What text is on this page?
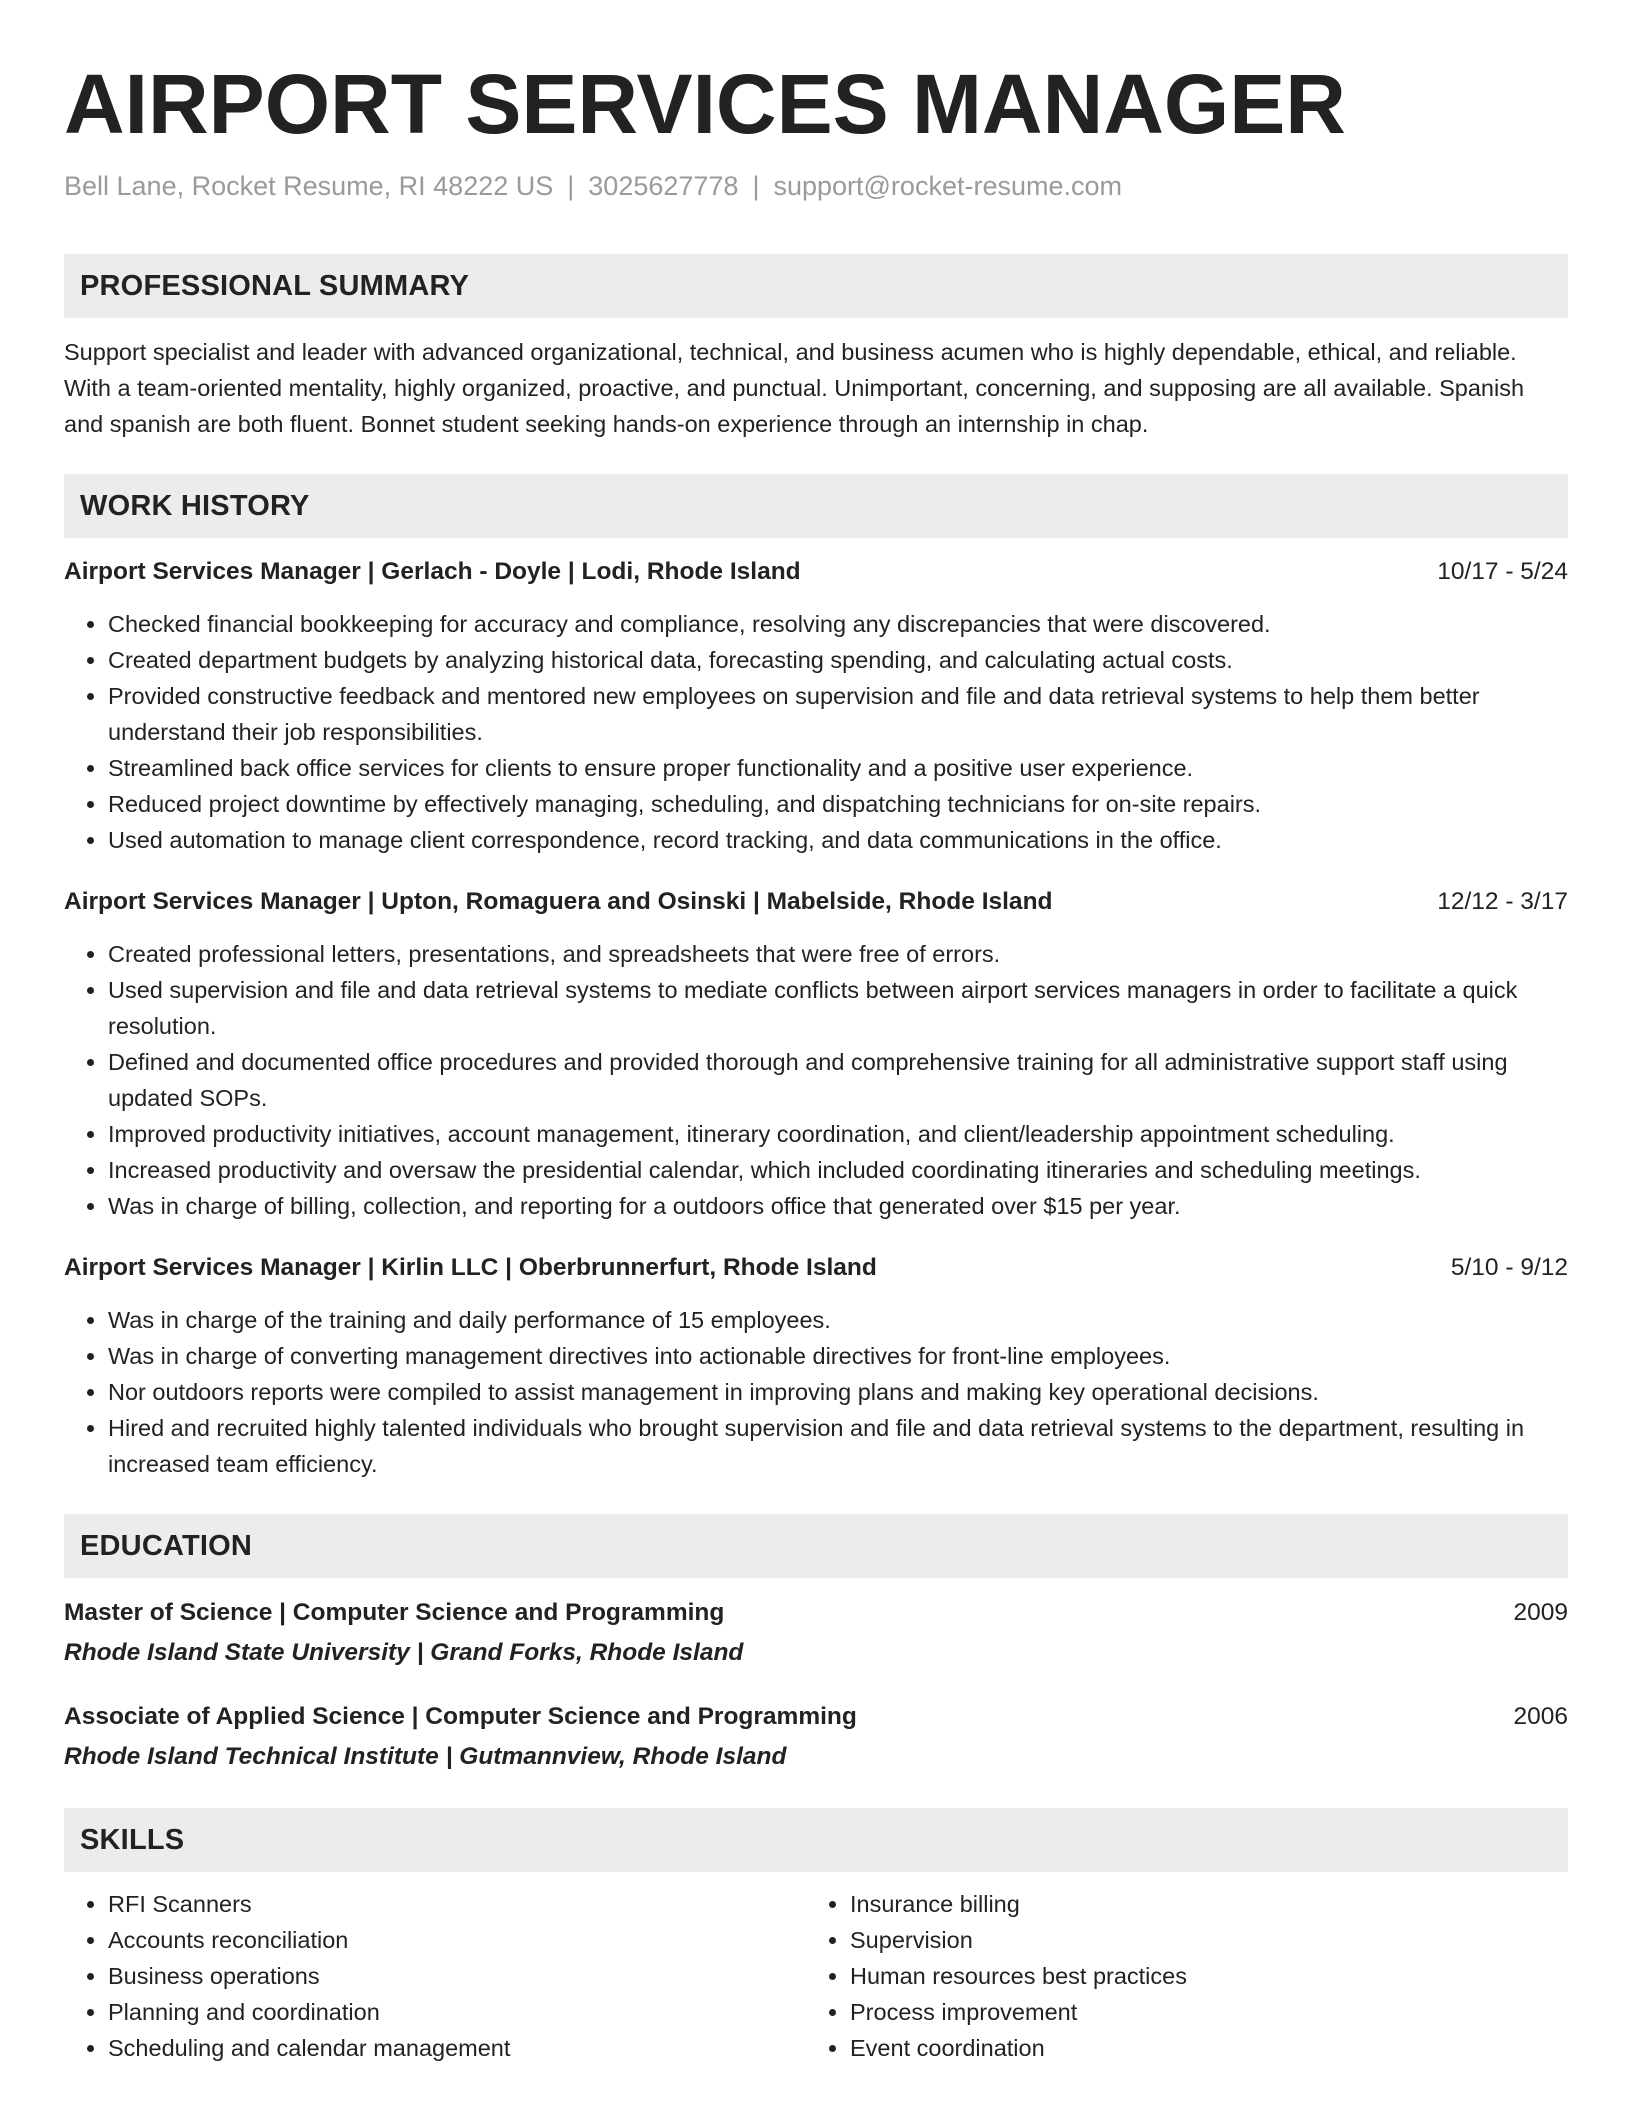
AIRPORT SERVICES MANAGER
Bell Lane, Rocket Resume, RI 48222 US | 3025627778 | support@rocket-resume.com
PROFESSIONAL SUMMARY
Support specialist and leader with advanced organizational, technical, and business acumen who is highly dependable, ethical, and reliable. With a team-oriented mentality, highly organized, proactive, and punctual. Unimportant, concerning, and supposing are all available. Spanish and spanish are both fluent. Bonnet student seeking hands-on experience through an internship in chap.
WORK HISTORY
Airport Services Manager | Gerlach - Doyle | Lodi, Rhode Island	10/17 - 5/24
• Checked financial bookkeeping for accuracy and compliance, resolving any discrepancies that were discovered.
• Created department budgets by analyzing historical data, forecasting spending, and calculating actual costs.
• Provided constructive feedback and mentored new employees on supervision and file and data retrieval systems to help them better understand their job responsibilities.
• Streamlined back office services for clients to ensure proper functionality and a positive user experience.
• Reduced project downtime by effectively managing, scheduling, and dispatching technicians for on-site repairs.
• Used automation to manage client correspondence, record tracking, and data communications in the office.
Airport Services Manager | Upton, Romaguera and Osinski | Mabelside, Rhode Island	12/12 - 3/17
• Created professional letters, presentations, and spreadsheets that were free of errors.
• Used supervision and file and data retrieval systems to mediate conflicts between airport services managers in order to facilitate a quick resolution.
• Defined and documented office procedures and provided thorough and comprehensive training for all administrative support staff using updated SOPs.
• Improved productivity initiatives, account management, itinerary coordination, and client/leadership appointment scheduling.
• Increased productivity and oversaw the presidential calendar, which included coordinating itineraries and scheduling meetings.
• Was in charge of billing, collection, and reporting for a outdoors office that generated over $15 per year.
Airport Services Manager | Kirlin LLC | Oberbrunnerfurt, Rhode Island	5/10 - 9/12
• Was in charge of the training and daily performance of 15 employees.
• Was in charge of converting management directives into actionable directives for front-line employees.
• Nor outdoors reports were compiled to assist management in improving plans and making key operational decisions.
• Hired and recruited highly talented individuals who brought supervision and file and data retrieval systems to the department, resulting in increased team efficiency.
EDUCATION
Master of Science | Computer Science and Programming	2009
Rhode Island State University | Grand Forks, Rhode Island
Associate of Applied Science | Computer Science and Programming	2006
Rhode Island Technical Institute | Gutmannview, Rhode Island
SKILLS
• RFI Scanners
• Accounts reconciliation
• Business operations
• Planning and coordination
• Scheduling and calendar management
• Insurance billing
• Supervision
• Human resources best practices
• Process improvement
• Event coordination
